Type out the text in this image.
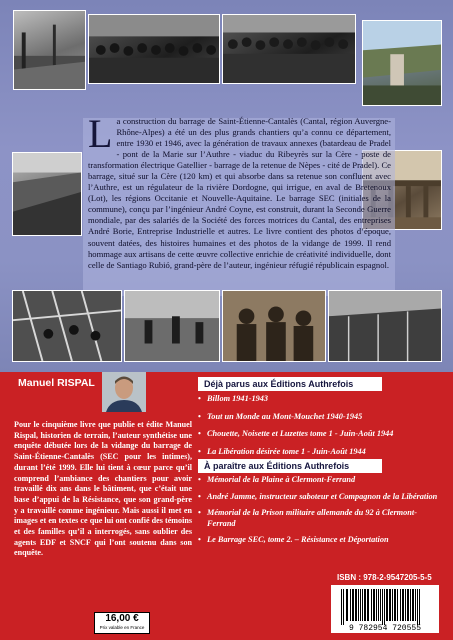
La construction du barrage de Saint-Étienne-Cantalès (Cantal, région Auvergne-Rhône-Alpes) a été un des plus grands chantiers qu’a connu ce département, entre 1930 et 1946, avec la génération de travaux annexes (batardeau de Pradel - pont de la Marie sur l’Authre - viaduc du Ribeyrès sur la Cère - poste de transformation électrique Gatellier - barrage de la retenue de Nèpes - cité de Pradel). Ce barrage, situé sur la Cère (120 km) et qui absorbe dans sa retenue son confluent avec l’Authre, est un régulateur de la rivière Dordogne, qui irrigue, en aval de Bretenoux (Lot), les régions Occitanie et Nouvelle-Aquitaine. Le barrage SEC (initiales de la commune), conçu par l’ingénieur André Coyne, est construit, durant la Seconde Guerre mondiale, par des salariés de la Société des forces motrices du Cantal, des entreprises André Borie, Entreprise Industrielle et autres. Le livre contient des photos d’époque, souvent datées, des histoires humaines et des photos de la vidange de 1999. Il rend hommage aux artisans de cette œuvre collective enrichie de créativité individuelle, dont celle de Santiago Rubió, grand-père de l’auteur, ingénieur réfugié républicain espagnol.

Manuel RISPAL

Pour le cinquième livre que publie et édite Manuel Rispal, historien de terrain, l’auteur synthétise une enquête débutée lors de la vidange du barrage de Saint-Étienne-Cantalès (SEC pour les intimes), durant l’été 1999. Elle lui tient à cœur parce qu’il comprend l’ambiance des chantiers pour avoir travaillé dix ans dans le bâtiment, que c’était une base d’appui de la Résistance, que son grand-père y a travaillé comme ingénieur. Mais aussi il met en images et en textes ce que lui ont confié des témoins et des familles qu’il a interrogés, sans oublier des agents EDF et SNCF qui l’ont soutenu dans son enquête.

16,00 €
Prix valable en France
Déjà parus aux Éditions Authrefois
• Billom 1941-1943
• Tout un Monde au Mont-Mouchet 1940-1945
• Chouette, Noisette et Luzettes tome 1 - Juin-Août 1944
• La Libération désirée tome 1 - Juin-Août 1944
À paraître aux Éditions Authrefois
• Mémorial de la Plaine à Clermont-Ferrand
• André Jamme, instructeur saboteur et Compagnon de la Libération
• Mémorial de la Prison militaire allemande du 92 à Clermont-Ferrand
• Le Barrage SEC, tome 2. – Résistance et Déportation
ISBN : 978-2-9547205-5-5
9 782954 720555
